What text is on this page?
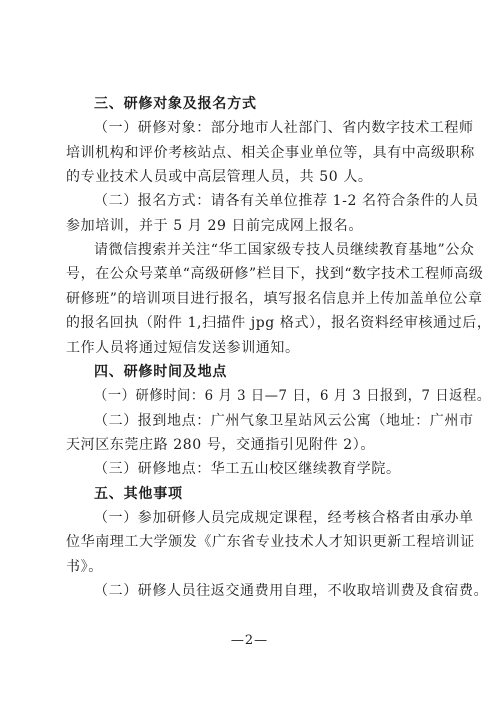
三、研修对象及报名方式
（一）研修对象：部分地市人社部门、省内数字技术工程师
培训机构和评价考核站点、相关企事业单位等，具有中高级职称
的专业技术人员或中高层管理人员，共 50 人。
（二）报名方式：请各有关单位推荐 1-2 名符合条件的人员
参加培训，并于 5 月 29 日前完成网上报名。
请微信搜索并关注“华工国家级专技人员继续教育基地”公众
号，在公众号菜单“高级研修”栏目下，找到“数字技术工程师高级
研修班”的培训项目进行报名，填写报名信息并上传加盖单位公章
的报名回执（附件 1,扫描件 jpg 格式），报名资料经审核通过后，
工作人员将通过短信发送参训通知。
四、研修时间及地点
（一）研修时间：6 月 3 日—7 日，6 月 3 日报到，7 日返程。
（二）报到地点：广州气象卫星站风云公寓（地址：广州市
天河区东莞庄路 280 号，交通指引见附件 2）。
（三）研修地点：华工五山校区继续教育学院。
五、其他事项
（一）参加研修人员完成规定课程，经考核合格者由承办单
位华南理工大学颁发《广东省专业技术人才知识更新工程培训证
书》。
（二）研修人员往返交通费用自理，不收取培训费及食宿费。
—2—
